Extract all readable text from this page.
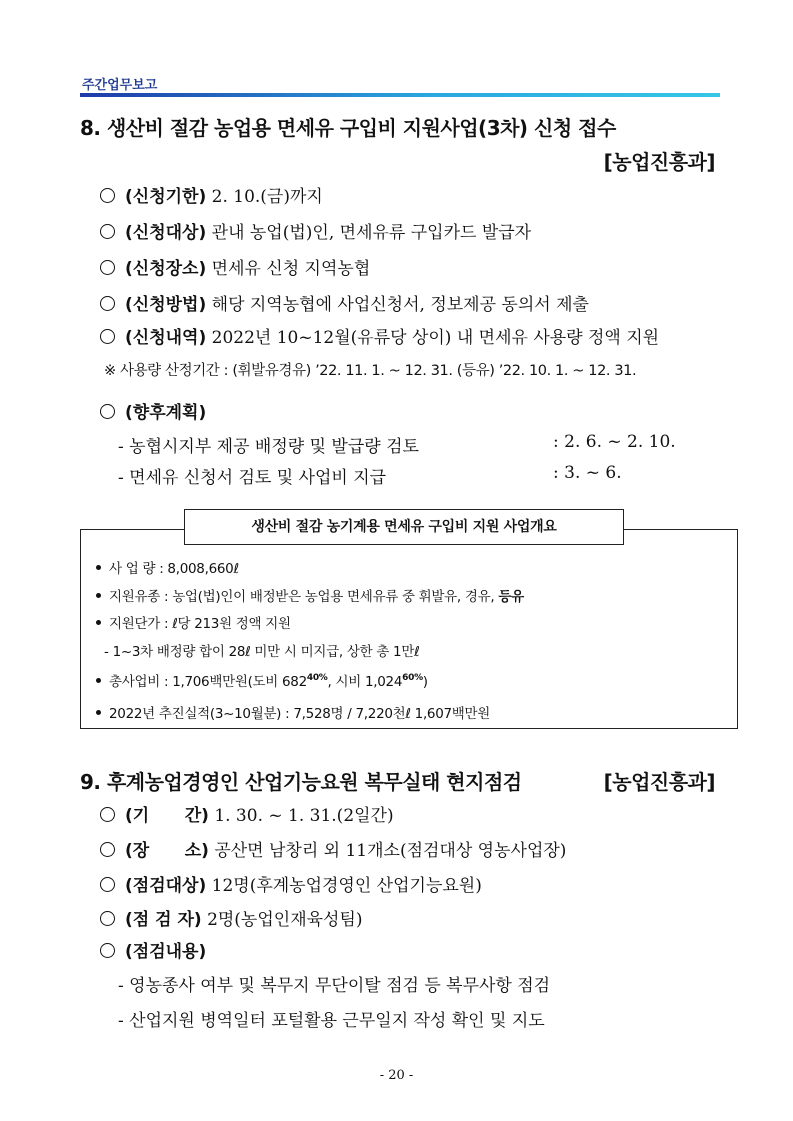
주간업무보고
8. 생산비 절감 농업용 면세유 구입비 지원사업(3차) 신청 접수
[농업진흥과]
(신청기한) 2. 10.(금)까지
(신청대상) 관내 농업(법)인, 면세유류 구입카드 발급자
(신청장소) 면세유 신청 지역농협
(신청방법) 해당 지역농협에 사업신청서, 정보제공 동의서 제출
(신청내역) 2022년 10~12월(유류당 상이) 내 면세유 사용량 정액 지원
※ 사용량 산정기간 : (휘발유경유) ’22. 11. 1. ~ 12. 31. (등유) ’22. 10. 1. ~ 12. 31.
(향후계획)
- 농협시지부 제공 배정량 및 발급량 검토	: 2. 6. ~ 2. 10.
- 면세유 신청서 검토 및 사업비 지급	: 3. ~ 6.
생산비 절감 농기계용 면세유 구입비 지원 사업개요
사 업 량 : 8,008,660ℓ
지원유종 : 농업(법)인이 배정받은 농업용 면세유류 중 휘발유, 경유, 등유
지원단가 : ℓ당 213원 정액 지원
- 1~3차 배정량 합이 28ℓ 미만 시 미지급, 상한 총 1만ℓ
총사업비 : 1,706백만원(도비 $682^{40\%}$, 시비 $1,024^{60\%}$)
2022년 추진실적(3~10월분) : 7,528명 / 7,220천ℓ 1,607백만원
9. 후계농업경영인 산업기능요원 복무실태 현지점검	[농업진흥과]
(기      간) 1. 30. ~ 1. 31.(2일간)
(장      소) 공산면 남창리 외 11개소(점검대상 영농사업장)
(점검대상) 12명(후계농업경영인 산업기능요원)
(점 검 자) 2명(농업인재육성팀)
(점검내용)
- 영농종사 여부 및 복무지 무단이탈 점검 등 복무사항 점검
- 산업지원 병역일터 포털활용 근무일지 작성 확인 및 지도
- 20 -
